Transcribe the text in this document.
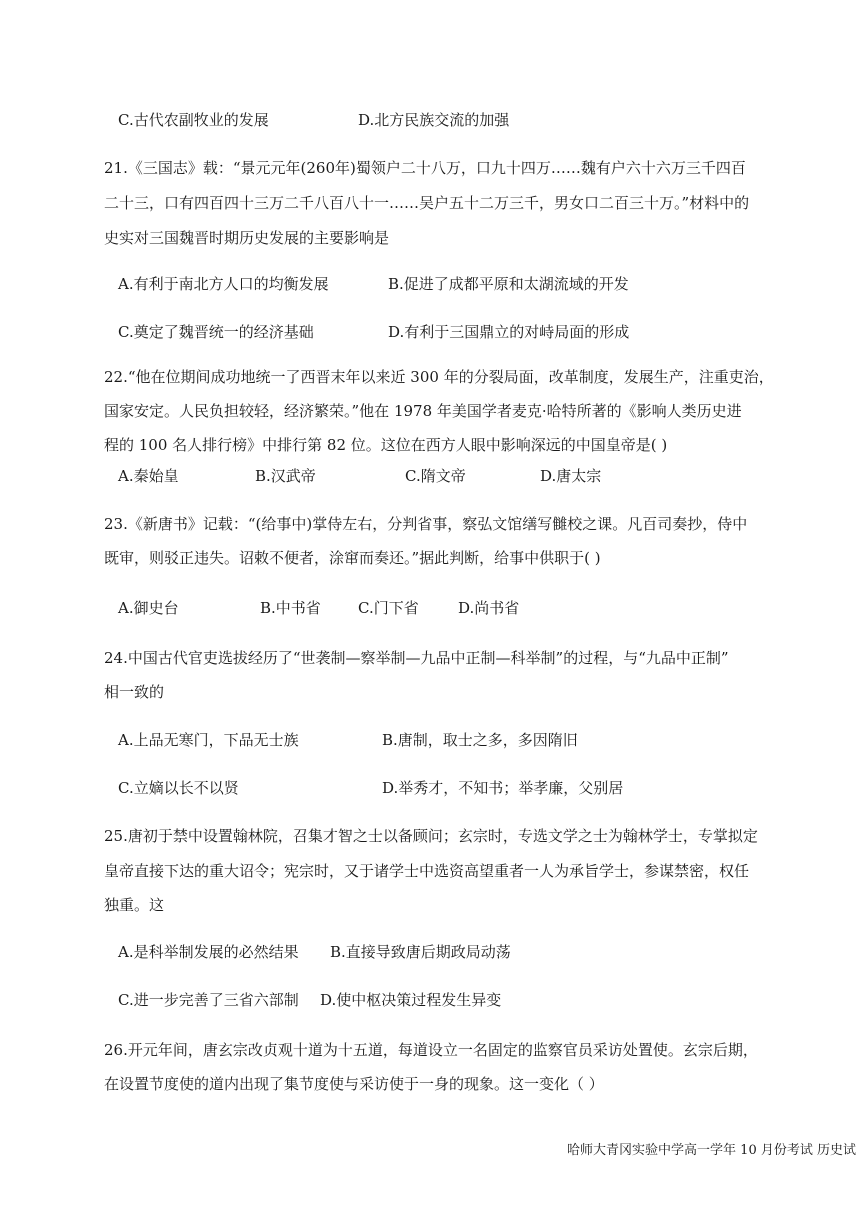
C.古代农副牧业的发展	D.北方民族交流的加强
21.《三国志》载：“景元元年(260年)蜀领户二十八万，口九十四万……魏有户六十六万三千四百
二十三，口有四百四十三万二千八百八十一……吴户五十二万三千，男女口二百三十万。”材料中的
史实对三国魏晋时期历史发展的主要影响是
A.有利于南北方人口的均衡发展	B.促进了成都平原和太湖流域的开发
C.奠定了魏晋统一的经济基础	D.有利于三国鼎立的对峙局面的形成
22.“他在位期间成功地统一了西晋末年以来近 300 年的分裂局面，改革制度，发展生产，注重吏治，
国家安定。人民负担较轻，经济繁荣。”他在 1978 年美国学者麦克·哈特所著的《影响人类历史进
程的 100 名人排行榜》中排行第 82 位。这位在西方人眼中影响深远的中国皇帝是( )
A.秦始皇	B.汉武帝	C.隋文帝	D.唐太宗
23.《新唐书》记载：“(给事中)掌侍左右，分判省事，察弘文馆缮写雠校之课。凡百司奏抄，侍中
既审，则驳正违失。诏敕不便者，涂窜而奏还。”据此判断，给事中供职于( )
A.御史台	B.中书省 C.门下省	D.尚书省
24.中国古代官吏选拔经历了“世袭制—察举制—九品中正制—科举制”的过程，与“九品中正制”
相一致的
A.上品无寒门，下品无士族	B.唐制，取士之多，多因隋旧
C.立嫡以长不以贤	D.举秀才，不知书；举孝廉，父别居
25.唐初于禁中设置翰林院，召集才智之士以备顾问；玄宗时，专选文学之士为翰林学士，专掌拟定
皇帝直接下达的重大诏令；宪宗时，又于诸学士中选资高望重者一人为承旨学士，参谋禁密，权任
独重。这
A.是科举制发展的必然结果 B.直接导致唐后期政局动荡
C.进一步完善了三省六部制 D.使中枢决策过程发生异变
26.开元年间，唐玄宗改贞观十道为十五道，每道设立一名固定的监察官员采访处置使。玄宗后期，
在设置节度使的道内出现了集节度使与采访使于一身的现象。这一变化（ ）
哈师大青冈实验中学高一学年 10 月份考试 历史试
